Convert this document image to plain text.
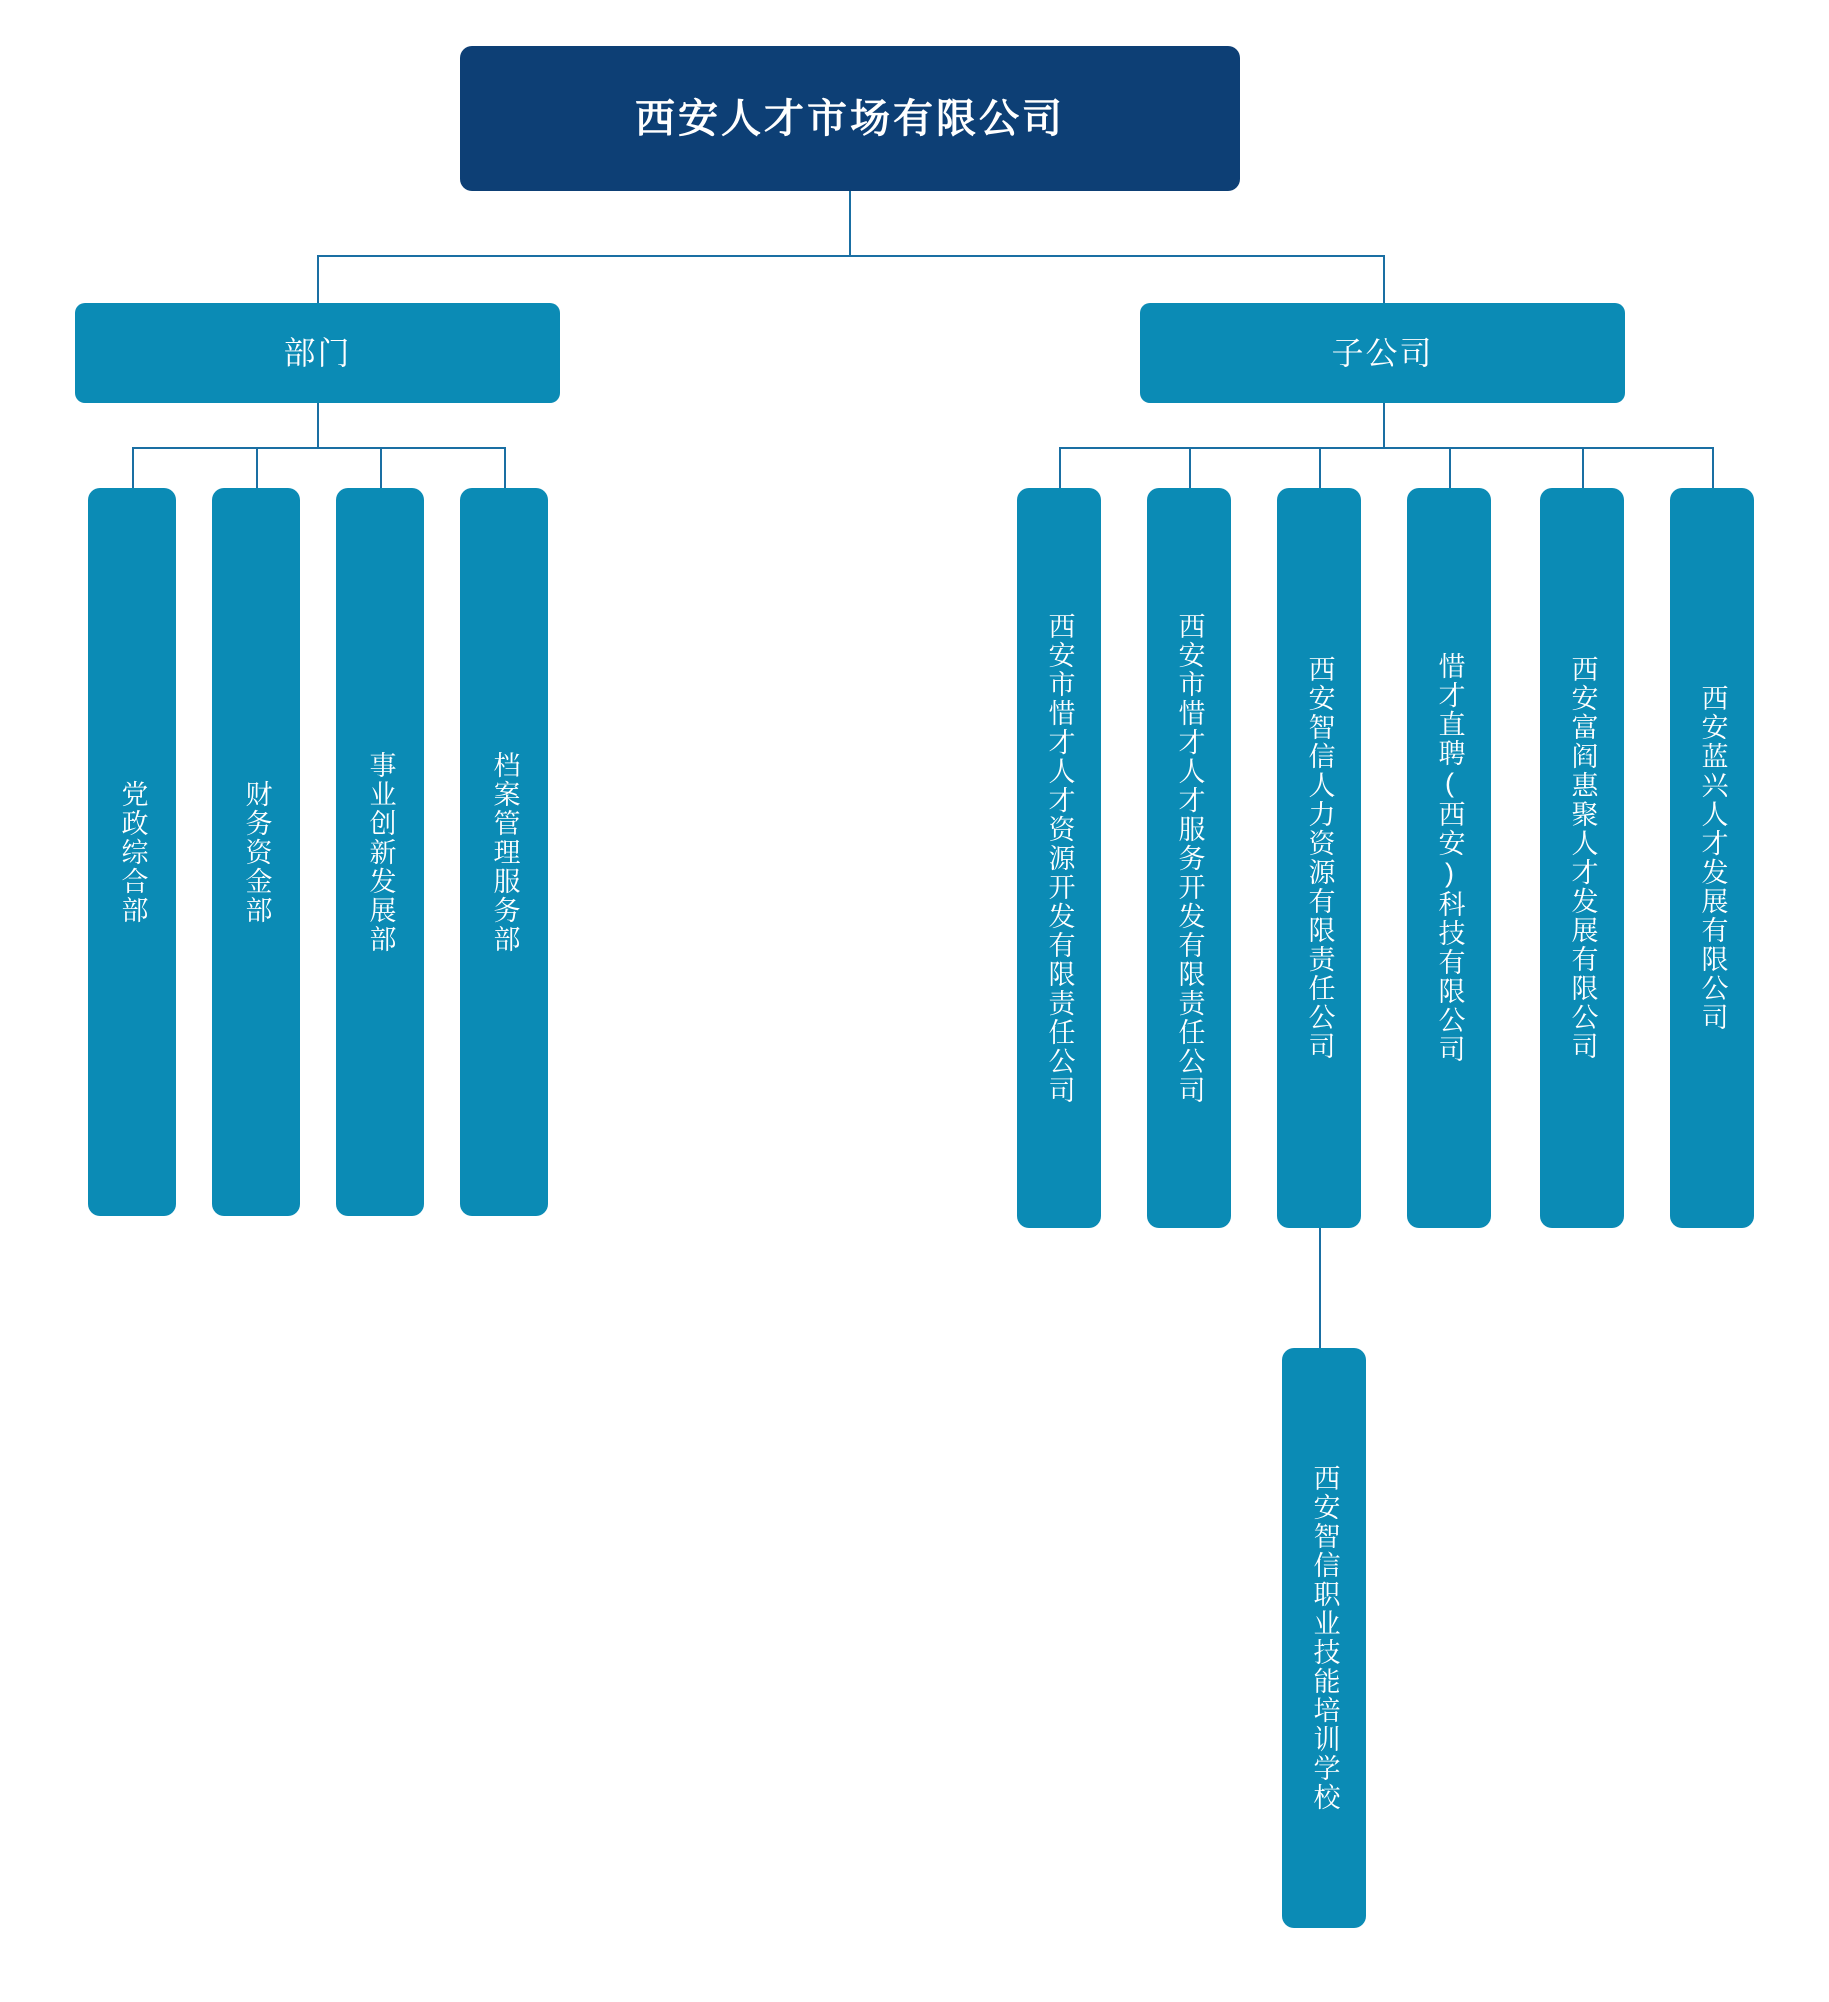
西安人才市场有限公司
部门
党政综合部	财务资金部	事业创新发展部	档案管理服务部
子公司
西安市惜才人才资源开发有限责任公司	西安市惜才人才服务开发有限责任公司	西安智信人力资源有限责任公司	惜才直聘(西安)科技有限公司	西安富阎惠聚人才发展有限公司	西安蓝兴人才发展有限公司
西安智信职业技能培训学校
